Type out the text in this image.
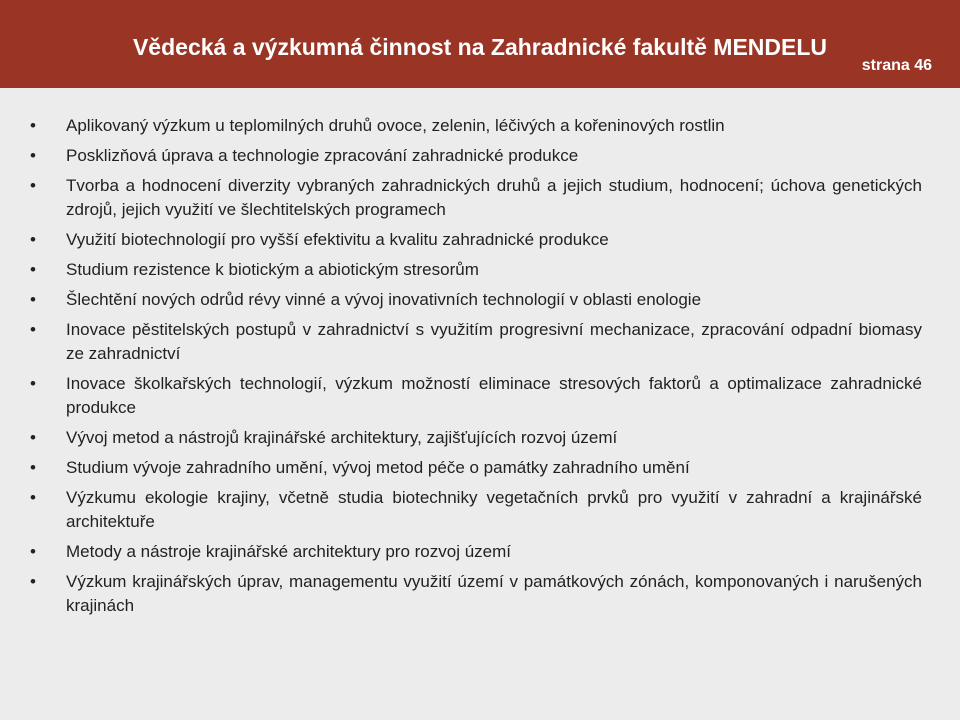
Vědecká a výzkumná činnost na Zahradnické fakultě MENDELU
strana 46
• Aplikovaný výzkum u teplomilných druhů ovoce, zelenin, léčivých a kořeninových rostlin
• Posklizňová úprava a technologie zpracování zahradnické produkce
• Tvorba a hodnocení diverzity vybraných zahradnických druhů a jejich studium, hodnocení; úchova genetických zdrojů, jejich využití ve šlechtitelských programech
• Využití biotechnologií pro vyšší efektivitu a kvalitu zahradnické produkce
• Studium rezistence k biotickým a abiotickým stresorům
• Šlechtění nových odrůd révy vinné a vývoj inovativních technologií v oblasti enologie
• Inovace pěstitelských postupů v zahradnictví s využitím progresivní mechanizace, zpracování odpadní biomasy ze zahradnictví
• Inovace školkařských technologií, výzkum možností eliminace stresových faktorů a optimalizace zahradnické produkce
• Vývoj metod a nástrojů krajinářské architektury, zajišťujících rozvoj území
• Studium vývoje zahradního umění, vývoj metod péče o památky zahradního umění
• Výzkumu ekologie krajiny, včetně studia biotechniky vegetačních prvků pro využití v zahradní a krajinářské architektuře
• Metody a nástroje krajinářské architektury pro rozvoj území
• Výzkum krajinářských úprav, managementu využití území v památkových zónách, komponovaných i narušených krajinách
